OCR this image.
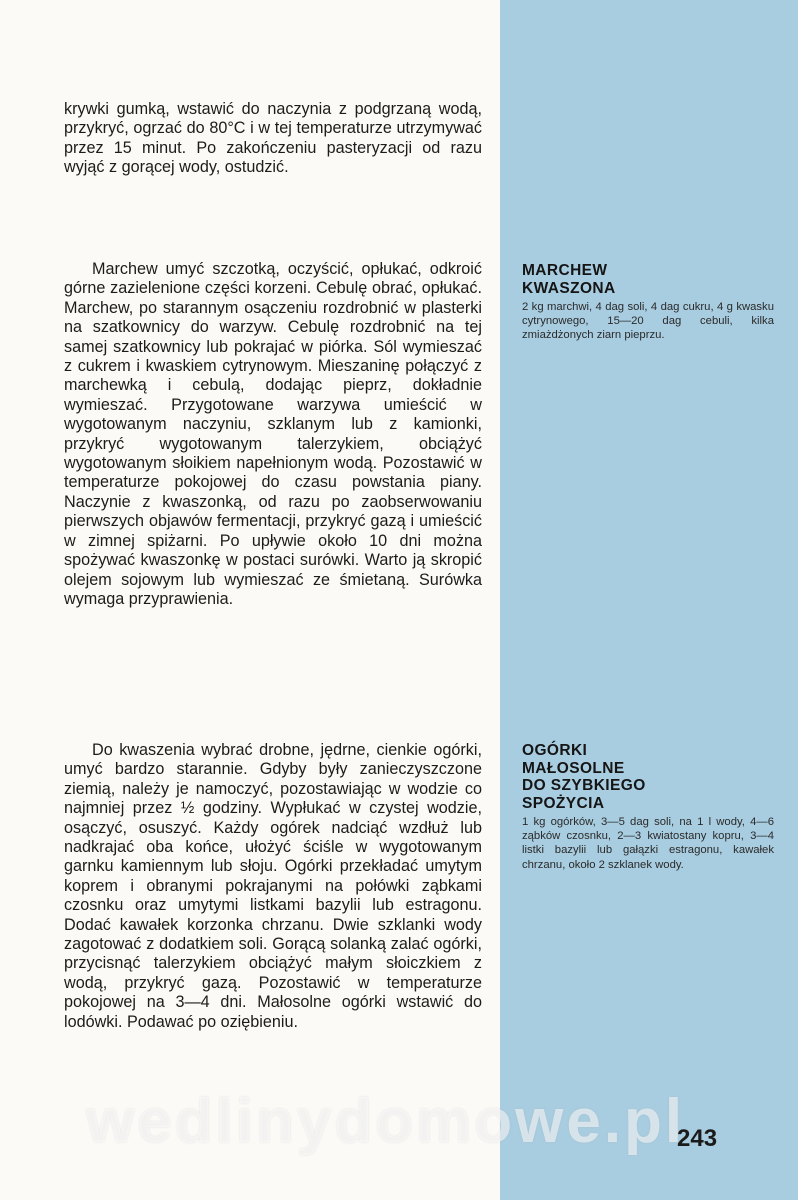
krywki gumką, wstawić do naczynia z podgrzaną wodą, przykryć, ogrzać do 80°C i w tej temperaturze utrzymywać przez 15 minut. Po zakończeniu pasteryzacji od razu wyjąć z gorącej wody, ostudzić.

Marchew umyć szczotką, oczyścić, opłukać, odkroić górne zazielenione części korzeni. Cebulę obrać, opłukać. Marchew, po starannym osączeniu rozdrobnić w plasterki na szatkownicy do warzyw. Cebulę rozdrobnić na tej samej szatkownicy lub pokrajać w piórka. Sól wymieszać z cukrem i kwaskiem cytrynowym. Mieszaninę połączyć z marchewką i cebulą, dodając pieprz, dokładnie wymieszać. Przygotowane warzywa umieścić w wygotowanym naczyniu, szklanym lub z kamionki, przykryć wygotowanym talerzykiem, obciążyć wygotowanym słoikiem napełnionym wodą. Pozostawić w temperaturze pokojowej do czasu powstania piany. Naczynie z kwaszonką, od razu po zaobserwowaniu pierwszych objawów fermentacji, przykryć gazą i umieścić w zimnej spiżarni. Po upływie około 10 dni można spożywać kwaszonkę w postaci surówki. Warto ją skropić olejem sojowym lub wymieszać ze śmietaną. Surówka wymaga przyprawienia.

Do kwaszenia wybrać drobne, jędrne, cienkie ogórki, umyć bardzo starannie. Gdyby były zanieczyszczone ziemią, należy je namoczyć, pozostawiając w wodzie co najmniej przez ½ godziny. Wypłukać w czystej wodzie, osączyć, osuszyć. Każdy ogórek nadciąć wzdłuż lub nadkrajać oba końce, ułożyć ściśle w wygotowanym garnku kamiennym lub słoju. Ogórki przekładać umytym koprem i obranymi pokrajanymi na połówki ząbkami czosnku oraz umytymi listkami bazylii lub estragonu. Dodać kawałek korzonka chrzanu. Dwie szklanki wody zagotować z dodatkiem soli. Gorącą solanką zalać ogórki, przycisnąć talerzykiem obciążyć małym słoiczkiem z wodą, przykryć gazą. Pozostawić w temperaturze pokojowej na 3—4 dni. Małosolne ogórki wstawić do lodówki. Podawać po oziębieniu.

MARCHEW
KWASZONA

2 kg marchwi, 4 dag soli, 4 dag cukru, 4 g kwasku cytrynowego, 15—20 dag cebuli, kilka zmiażdżonych ziarn pieprzu.

OGÓRKI
MAŁOSOLNE
DO SZYBKIEGO
SPOŻYCIA

1 kg ogórków, 3—5 dag soli, na 1 l wody, 4—6 ząbków czosnku, 2—3 kwiatostany kopru, 3—4 listki bazylii lub gałązki estragonu, kawałek chrzanu, około 2 szklanek wody.

wedlinydomowe.pl
243
